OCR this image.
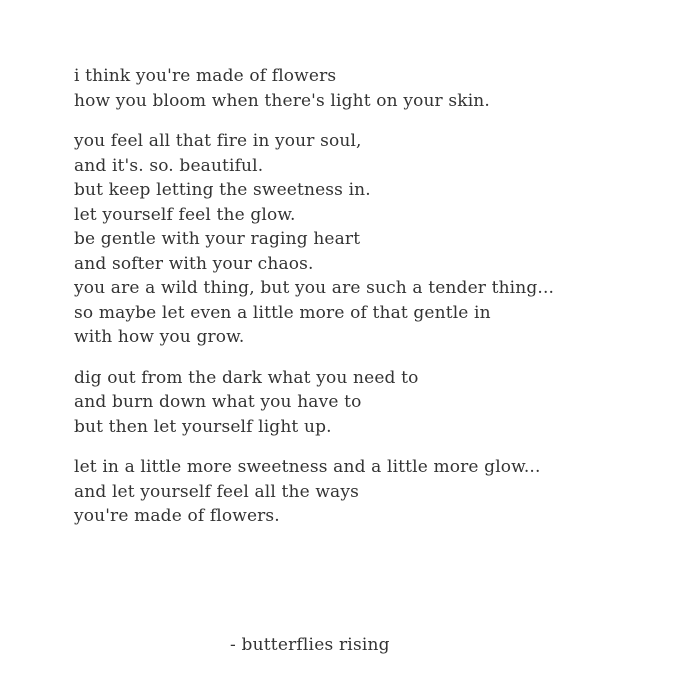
i think you're made of flowers
how you bloom when there's light on your skin.
you feel all that fire in your soul,
and it's. so. beautiful.
but keep letting the sweetness in.
let yourself feel the glow.
be gentle with your raging heart
and softer with your chaos.
you are a wild thing, but you are such a tender thing...
so maybe let even a little more of that gentle in
with how you grow.
dig out from the dark what you need to
and burn down what you have to
but then let yourself light up.
let in a little more sweetness and a little more glow...
and let yourself feel all the ways
you're made of flowers.
- butterflies rising
